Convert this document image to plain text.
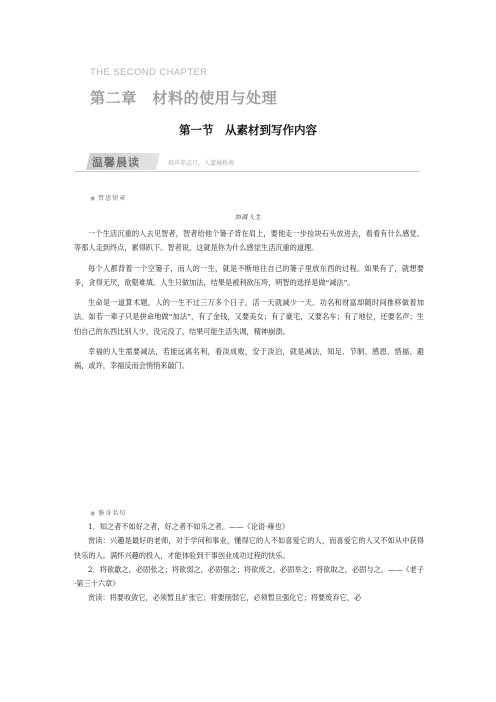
THE SECOND CHAPTER
第二章　材料的使用与处理
第一节　从素材到写作内容
温馨晨读	培声养志月，人道城桥南
◉ 哲思短章
加减人生

一个生活沉重的人去见智者，智者给他个篓子背在肩上，要他走一步捡块石头放进去，看看有什么感觉。等那人走到终点，累得趴下。智者说，这就是你为什么感觉生活沉重的道理。

每个人都背着一个空篓子，而人的一生，就是不断地往自己的篓子里放东西的过程。如果有了，就想要多，贪得无厌，欲壑难填。人生只做加法，结果是被利欲压垮，明智的选择是做“减法”。

生命是一道算术题，人的一生不过三万多个日子，活一天就减少一天。功名和财富却随时间推移做着加法。如若一辈子只是拼命地做“加法”，有了金钱，又要美女；有了豪宅，又要名车；有了地位，还要名声；生怕自己的东西比别人少，没完没了，结果可能生活失调，精神崩溃。

幸福的人生需要减法，若能远离名利，看淡成败，安于淡泊，就是减法，知足、节制、感恩、惜福、避祸，或许，幸福反而会悄悄来敲门。

◉ 修身名句

1．知之者不如好之者，好之者不如乐之者。——《论语·雍也》

赏读：兴趣是最好的老师，对于学问和事业，懂得它的人不如喜爱它的人，而喜爱它的人又不如从中获得快乐的人。满怀兴趣的投入，才能体验到干事创业成功过程的快乐。

2．将欲歙之，必固张之；将欲弱之，必固强之；将欲废之，必固举之；将欲取之，必固与之。——《老子·第三十六章》

赏读：将要收敛它，必须暂且扩张它；将要削弱它，必须暂且强化它；将要废弃它，必
